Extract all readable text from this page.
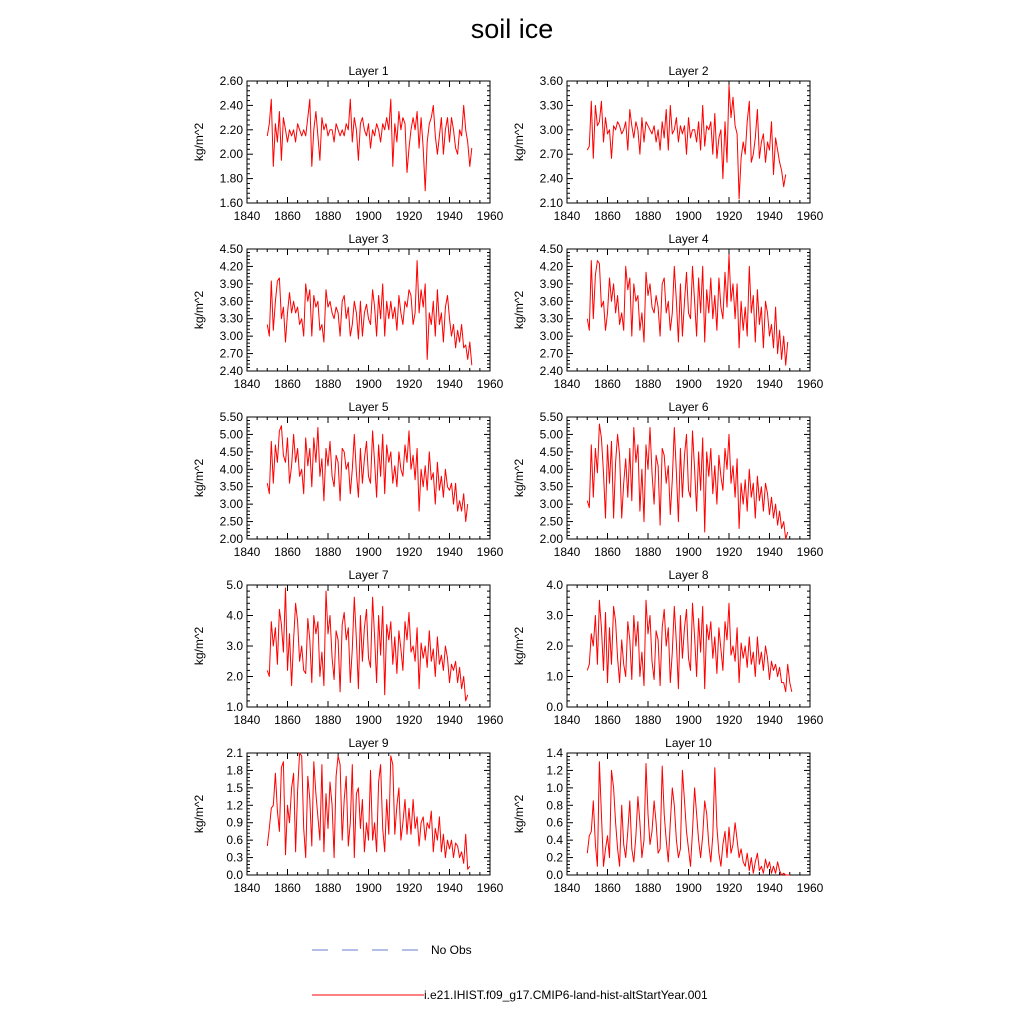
soil ice
Layer 1
1840 1860 1880 1900 1920 1940 1960
1.60
1.80
2.00
2.20
2.40
2.60
kg/m^2
Layer 2
1840 1860 1880 1900 1920 1940 1960
2.10
2.40
2.70
3.00
3.30
3.60
kg/m^2
Layer 3
1840 1860 1880 1900 1920 1940 1960
2.40
2.70
3.00
3.30
3.60
3.90
4.20
4.50
kg/m^2
Layer 4
1840 1860 1880 1900 1920 1940 1960
2.40
2.70
3.00
3.30
3.60
3.90
4.20
4.50
kg/m^2
Layer 5
1840 1860 1880 1900 1920 1940 1960
2.00
2.50
3.00
3.50
4.00
4.50
5.00
5.50
kg/m^2
Layer 6
1840 1860 1880 1900 1920 1940 1960
2.00
2.50
3.00
3.50
4.00
4.50
5.00
5.50
kg/m^2
Layer 7
1840 1860 1880 1900 1920 1940 1960
1.0
2.0
3.0
4.0
5.0
kg/m^2
Layer 8
1840 1860 1880 1900 1920 1940 1960
0.0
1.0
2.0
3.0
4.0
kg/m^2
Layer 9
1840 1860 1880 1900 1920 1940 1960
0.0
0.3
0.6
0.9
1.2
1.5
1.8
2.1
kg/m^2
Layer 10
1840 1860 1880 1900 1920 1940 1960
0.0
0.2
0.4
0.6
0.8
1.0
1.2
1.4
kg/m^2
No Obs
i.e21.IHIST.f09_g17.CMIP6-land-hist-altStartYear.001
